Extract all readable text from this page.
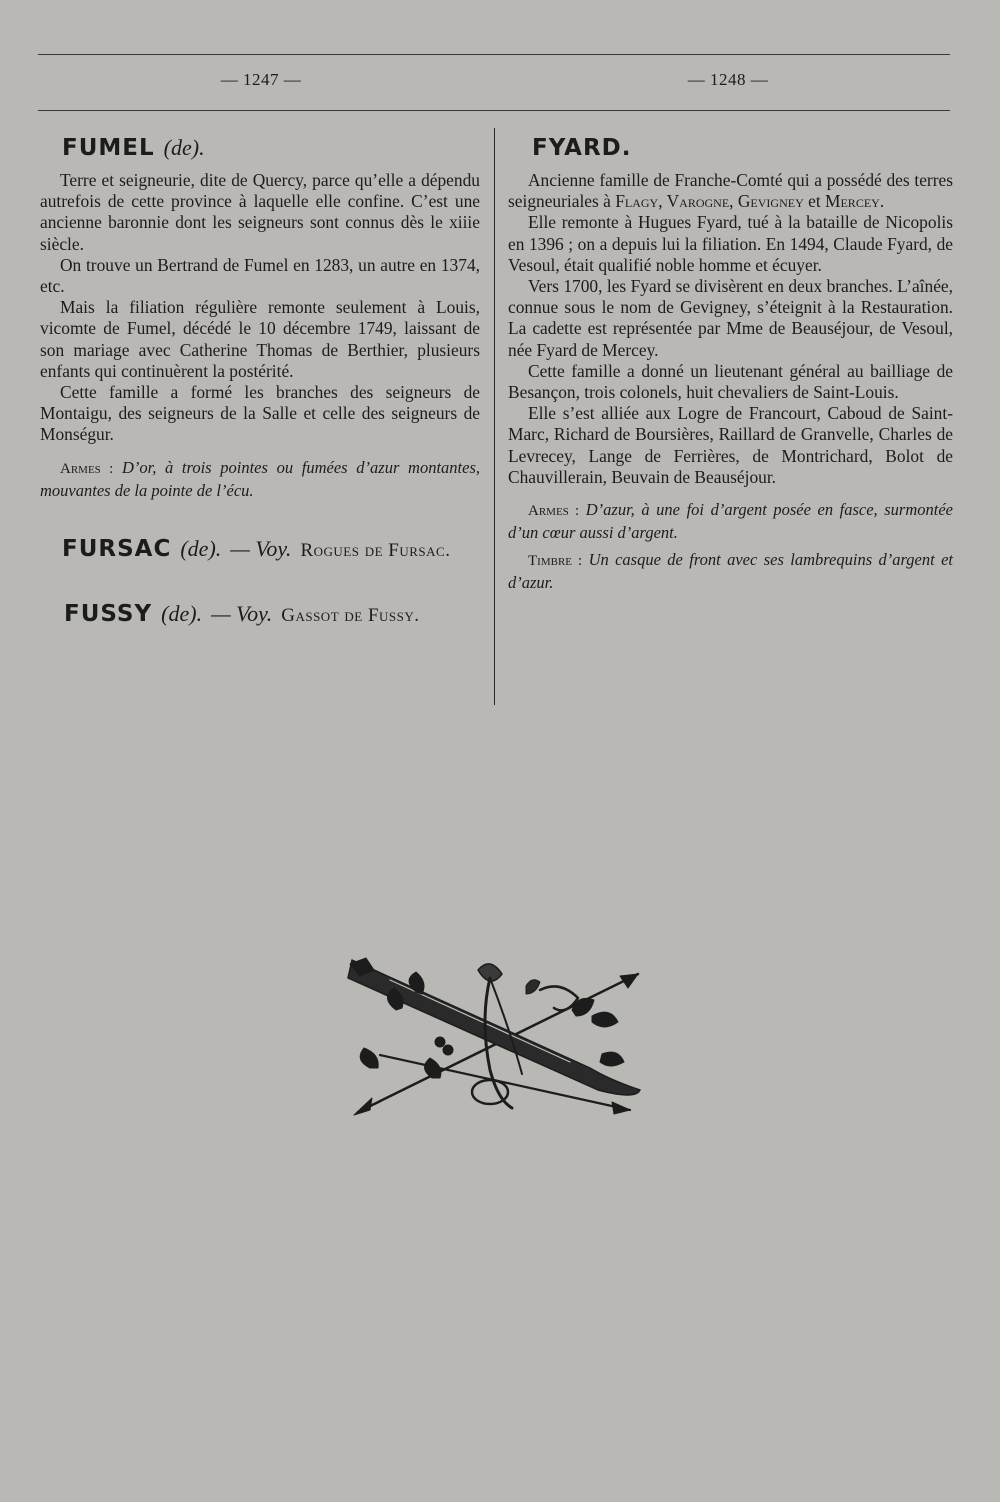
— 1247 —	— 1248 —
FUMEL (de).

Terre et seigneurie, dite de Quercy, parce qu’elle a dépendu autrefois de cette province à laquelle elle confine. C’est une ancienne baronnie dont les seigneurs sont connus dès le xiiie siècle.

On trouve un Bertrand de Fumel en 1283, un autre en 1374, etc.

Mais la filiation régulière remonte seulement à Louis, vicomte de Fumel, décédé le 10 décembre 1749, laissant de son mariage avec Catherine Thomas de Berthier, plusieurs enfants qui continuèrent la postérité.

Cette famille a formé les branches des seigneurs de Montaigu, des seigneurs de la Salle et celle des seigneurs de Monségur.

Armes : D’or, à trois pointes ou fumées d’azur montantes, mouvantes de la pointe de l’écu.

FURSAC (de). — Voy. Rogues de Fursac.
FUSSY (de). — Voy. Gassot de Fussy.
FYARD.

Ancienne famille de Franche-Comté qui a possédé des terres seigneuriales à Flagy, Varogne, Gevigney et Mercey.

Elle remonte à Hugues Fyard, tué à la bataille de Nicopolis en 1396 ; on a depuis lui la filiation. En 1494, Claude Fyard, de Vesoul, était qualifié noble homme et écuyer.

Vers 1700, les Fyard se divisèrent en deux branches. L’aînée, connue sous le nom de Gevigney, s’éteignit à la Restauration. La cadette est représentée par Mme de Beauséjour, de Vesoul, née Fyard de Mercey.

Cette famille a donné un lieutenant général au bailliage de Besançon, trois colonels, huit chevaliers de Saint-Louis.

Elle s’est alliée aux Logre de Francourt, Caboud de Saint-Marc, Richard de Boursières, Raillard de Granvelle, Charles de Levrecey, Lange de Ferrières, de Montrichard, Bolot de Chauvillerain, Beuvain de Beauséjour.

Armes : D’azur, à une foi d’argent posée en fasce, surmontée d’un cœur aussi d’argent.

Timbre : Un casque de front avec ses lambrequins d’argent et d’azur.
